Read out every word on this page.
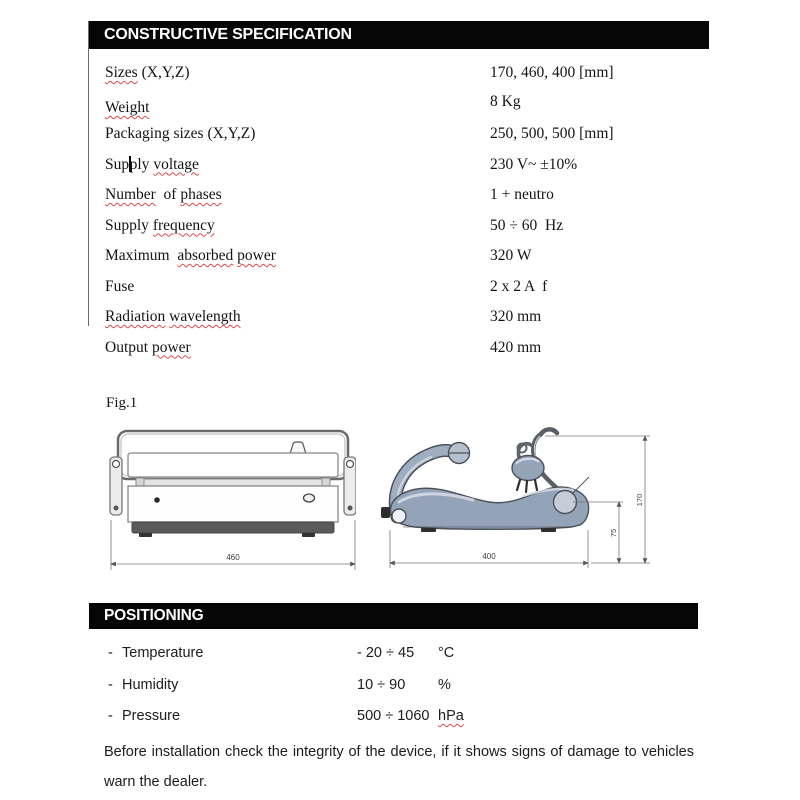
CONSTRUCTIVE SPECIFICATION
Sizes (X,Y,Z)	170, 460, 400 [mm]
Weight	8 Kg
Packaging sizes (X,Y,Z)	250, 500, 500 [mm]
Supply voltage	230 V~ ±10%
Number  of phases	1 + neutro
Supply frequency	50 ÷ 60  Hz
Maximum  absorbed power	320 W
Fuse	2 x 2 A  f
Radiation wavelength	320 mm
Output power	420 mm
Fig.1
460	400
170
75
POSITIONING
- Temperature	- 20 ÷ 45	°C
- Humidity	10 ÷ 90	%
- Pressure	500 ÷ 1060 hPa
Before installation check the integrity of the device, if it shows signs of damage to vehicles warn the dealer.
